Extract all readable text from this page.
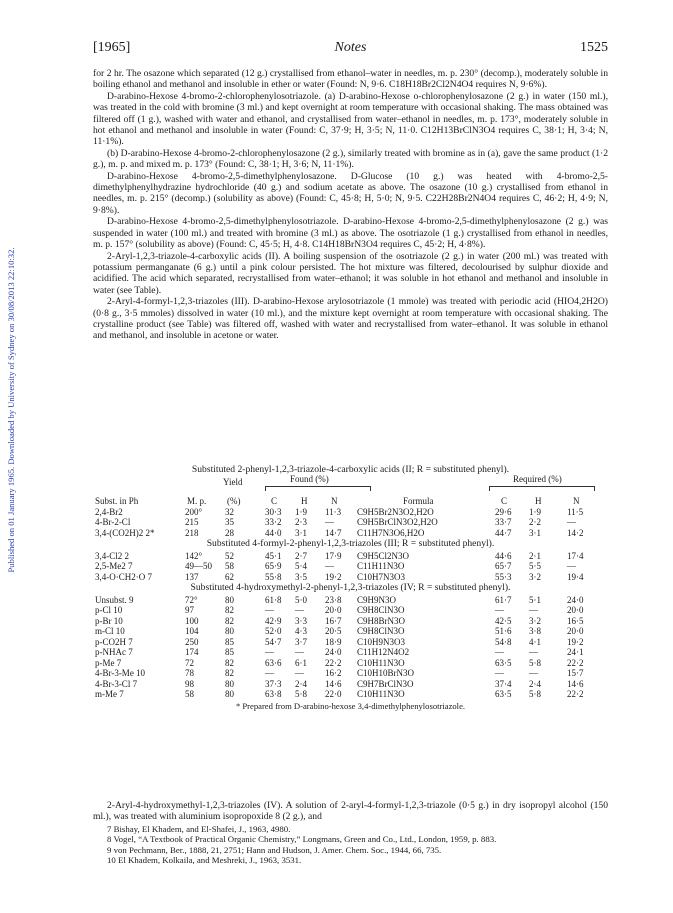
Published on 01 January 1965. Downloaded by University of Sydney on 30/08/2013 22:10:32.
[1965]	Notes	1525

for 2 hr. The osazone which separated (12 g.) crystallised from ethanol–water in needles, m. p. 230° (decomp.), moderately soluble in boiling ethanol and methanol and insoluble in ether or water (Found: N, 9·6. C18H18Br2Cl2N4O4 requires N, 9·6%).

D-arabino-Hexose 4-bromo-2-chlorophenylosotriazole. (a) D-arabino-Hexose o-chlorophenylosazone (2 g.) in water (150 ml.), was treated in the cold with bromine (3 ml.) and kept overnight at room temperature with occasional shaking. The mass obtained was filtered off (1 g.), washed with water and ethanol, and crystallised from water–ethanol in needles, m. p. 173°, moderately soluble in hot ethanol and methanol and insoluble in water (Found: C, 37·9; H, 3·5; N, 11·0. C12H13BrClN3O4 requires C, 38·1; H, 3·4; N, 11·1%).

(b) D-arabino-Hexose 4-bromo-2-chlorophenylosazone (2 g.), similarly treated with bromine as in (a), gave the same product (1·2 g.), m. p. and mixed m. p. 173° (Found: C, 38·1; H, 3·6; N, 11·1%).

D-arabino-Hexose 4-bromo-2,5-dimethylphenylosazone. D-Glucose (10 g.) was heated with 4-bromo-2,5-dimethylphenylhydrazine hydrochloride (40 g.) and sodium acetate as above. The osazone (10 g.) crystallised from ethanol in needles, m. p. 215° (decomp.) (solubility as above) (Found: C, 45·8; H, 5·0; N, 9·5. C22H28Br2N4O4 requires C, 46·2; H, 4·9; N, 9·8%).

D-arabino-Hexose 4-bromo-2,5-dimethylphenylosotriazole. D-arabino-Hexose 4-bromo-2,5-dimethylphenylosazone (2 g.) was suspended in water (100 ml.) and treated with bromine (3 ml.) as above. The osotriazole (1 g.) crystallised from ethanol in needles, m. p. 157° (solubility as above) (Found: C, 45·5; H, 4·8. C14H18BrN3O4 requires C, 45·2; H, 4·8%).

2-Aryl-1,2,3-triazole-4-carboxylic acids (II). A boiling suspension of the osotriazole (2 g.) in water (200 ml.) was treated with potassium permanganate (6 g.) until a pink colour persisted. The hot mixture was filtered, decolourised by sulphur dioxide and acidified. The acid which separated, recrystallised from water–ethanol; it was soluble in hot ethanol and methanol and insoluble in water (see Table).

2-Aryl-4-formyl-1,2,3-triazoles (III). D-arabino-Hexose arylosotriazole (1 mmole) was treated with periodic acid (HIO4,2H2O) (0·8 g., 3·5 mmoles) dissolved in water (10 ml.), and the mixture kept overnight at room temperature with occasional shaking. The crystalline product (see Table) was filtered off, washed with water and recrystallised from water–ethanol. It was soluble in ethanol and methanol, and insoluble in acetone or water.

Substituted 2-phenyl-1,2,3-triazole-4-carboxylic acids (II; R = substituted phenyl).
Yield	Found (%)	Required (%)
Subst. in Ph	M. p. (%)	C	H	N	Formula	C	H	N
2,4-Br2	200°	32	30·3 1·9 11·3 C9H5Br2N3O2,H2O	29·6 1·9	11·5
4-Br-2-Cl	215	35	33·2 2·3 —	C9H5BrClN3O2,H2O	33·7 2·2	—
3,4-(CO2H)2 2*	218	28	44·0 3·1 14·7 C11H7N3O6,H2O	44·7 3·1	14·2
Substituted 4-formyl-2-phenyl-1,2,3-triazoles (III; R = substituted phenyl).
3,4-Cl2 2	142°	52	45·1 2·7 17·9 C9H5Cl2N3O	44·6 2·1	17·4
2,5-Me2 7	49—50 58	65·9 5·4 —	C11H11N3O	65·7 5·5	—
3,4-O·CH2·O 7	137	62	55·8 3·5 19·2 C10H7N3O3	55·3 3·2	19·4
Substituted 4-hydroxymethyl-2-phenyl-1,2,3-triazoles (IV; R = substituted phenyl).
Unsubst. 9	72°	80	61·8 5·0 23·8 C9H9N3O	61·7 5·1	24·0
p-Cl 10	97	82	— — 20·0 C9H8ClN3O	—	—	20·0
p-Br 10	100	82	42·9 3·3 16·7 C9H8BrN3O	42·5 3·2	16·5
m-Cl 10	104	80	52·0 4·3 20·5 C9H8ClN3O	51·6 3·8	20·0
p-CO2H 7	250	85	54·7 3·7 18·9 C10H9N3O3	54·8 4·1	19·2
p-NHAc 7	174	85	— — 24·0 C11H12N4O2	—	—	24·1
p-Me 7	72	82	63·6 6·1 22·2 C10H11N3O	63·5 5·8	22·2
4-Br-3-Me 10	78	82	— — 16·2 C10H10BrN3O	—	—	15·7
4-Br-3-Cl 7	98	80	37·3 2·4 14·6 C9H7BrClN3O	37·4 2·4	14·6
m-Me 7	58	80	63·8 5·8 22·0 C10H11N3O	63·5 5·8	22·2
* Prepared from D-arabino-hexose 3,4-dimethylphenylosotriazole.

2-Aryl-4-hydroxymethyl-1,2,3-triazoles (IV). A solution of 2-aryl-4-formyl-1,2,3-triazole (0·5 g.) in dry isopropyl alcohol (150 ml.), was treated with aluminium isopropoxide 8 (2 g.), and

7 Bishay, El Khadem, and El-Shafei, J., 1963, 4980.
8 Vogel, “A Textbook of Practical Organic Chemistry,” Longmans, Green and Co., Ltd., London, 1959, p. 883.
9 von Pechmann, Ber., 1888, 21, 2751; Hann and Hudson, J. Amer. Chem. Soc., 1944, 66, 735.
10 El Khadem, Kolkaila, and Meshreki, J., 1963, 3531.
